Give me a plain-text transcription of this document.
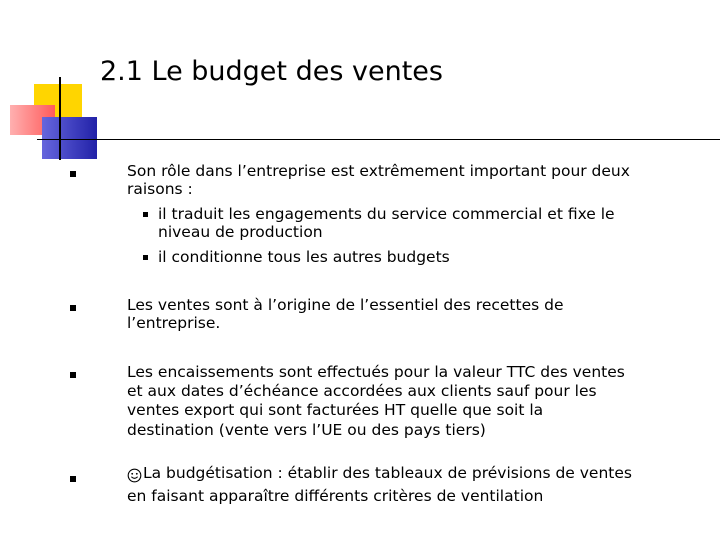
2.1 Le budget des ventes
Son rôle dans l’entreprise est extrêmement important pour deux
raisons :
il traduit les engagements du service commercial et fixe le
niveau de production
il conditionne tous les autres budgets
Les ventes sont à l’origine de l’essentiel des recettes de
l’entreprise.
Les encaissements sont effectués pour la valeur TTC des ventes
et aux dates d’échéance accordées aux clients sauf pour les
ventes export qui sont facturées HT quelle que soit la
destination (vente vers l’UE ou des pays tiers)
La budgétisation : établir des tableaux de prévisions de ventes
en faisant apparaître différents critères de ventilation
